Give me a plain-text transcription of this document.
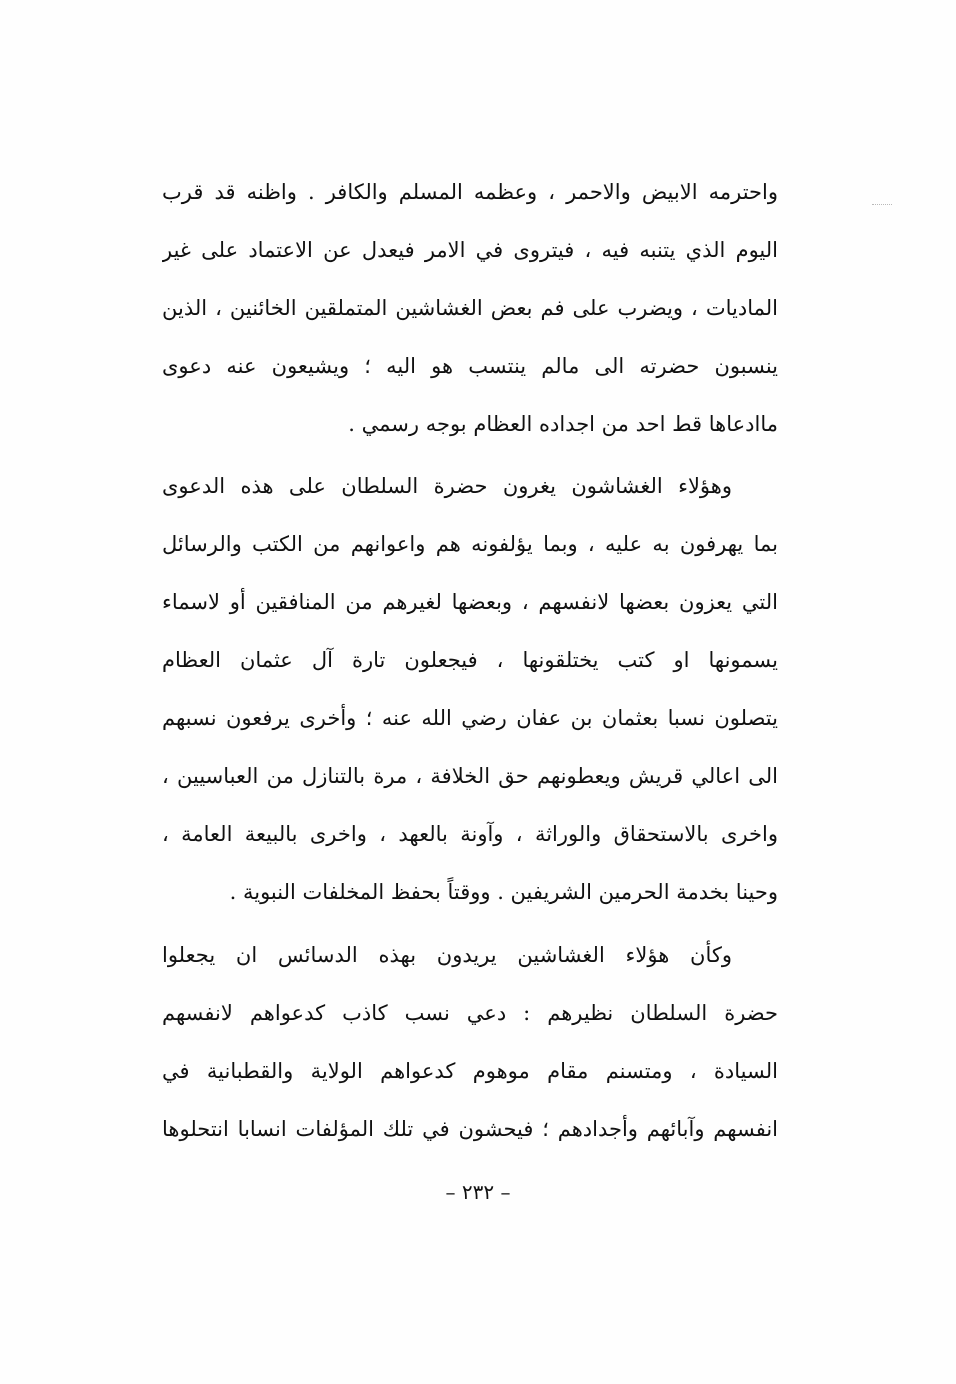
واحترمه الابيض والاحمر ، وعظمه المسلم والكافر . واظنه قد قرب
اليوم الذي يتنبه فيه ، فيتروى في الامر فيعدل عن الاعتماد على غير
الماديات ، ويضرب على فم بعض الغشاشين المتملقين الخائنين ، الذين
ينسبون حضرته الى مالم ينتسب هو اليه ؛ ويشيعون عنه دعوى
ماادعاها قط احد من اجداده العظام بوجه رسمي .
وهؤلاء الغشاشون يغرون حضرة السلطان على هذه الدعوى
بما يهرفون به عليه ، وبما يؤلفونه هم واعوانهم من الكتب والرسائل
التي يعزون بعضها لانفسهم ، وبعضها لغيرهم من المنافقين أو لاسماء
يسمونها او كتب يختلقونها ، فيجعلون تارة آل عثمان العظام
يتصلون نسبا بعثمان بن عفان رضي الله عنه ؛ وأخرى يرفعون نسبهم
الى اعالي قريش ويعطونهم حق الخلافة ، مرة بالتنازل من العباسيين ،
واخرى بالاستحقاق والوراثة ، وآونة بالعهد ، واخرى بالبيعة العامة ،
وحينا بخدمة الحرمين الشريفين . ووقتاً بحفظ المخلفات النبوية .
وكأن هؤلاء الغشاشين يريدون بهذه الدسائس ان يجعلوا
حضرة السلطان نظيرهم : دعي نسب كاذب كدعواهم لانفسهم
السيادة ، ومتسنم مقام موهوم كدعواهم الولاية والقطبانية في
انفسهم وآبائهم وأجدادهم ؛ فيحشون في تلك المؤلفات انسابا انتحلوها
– ٢٣٢ –
